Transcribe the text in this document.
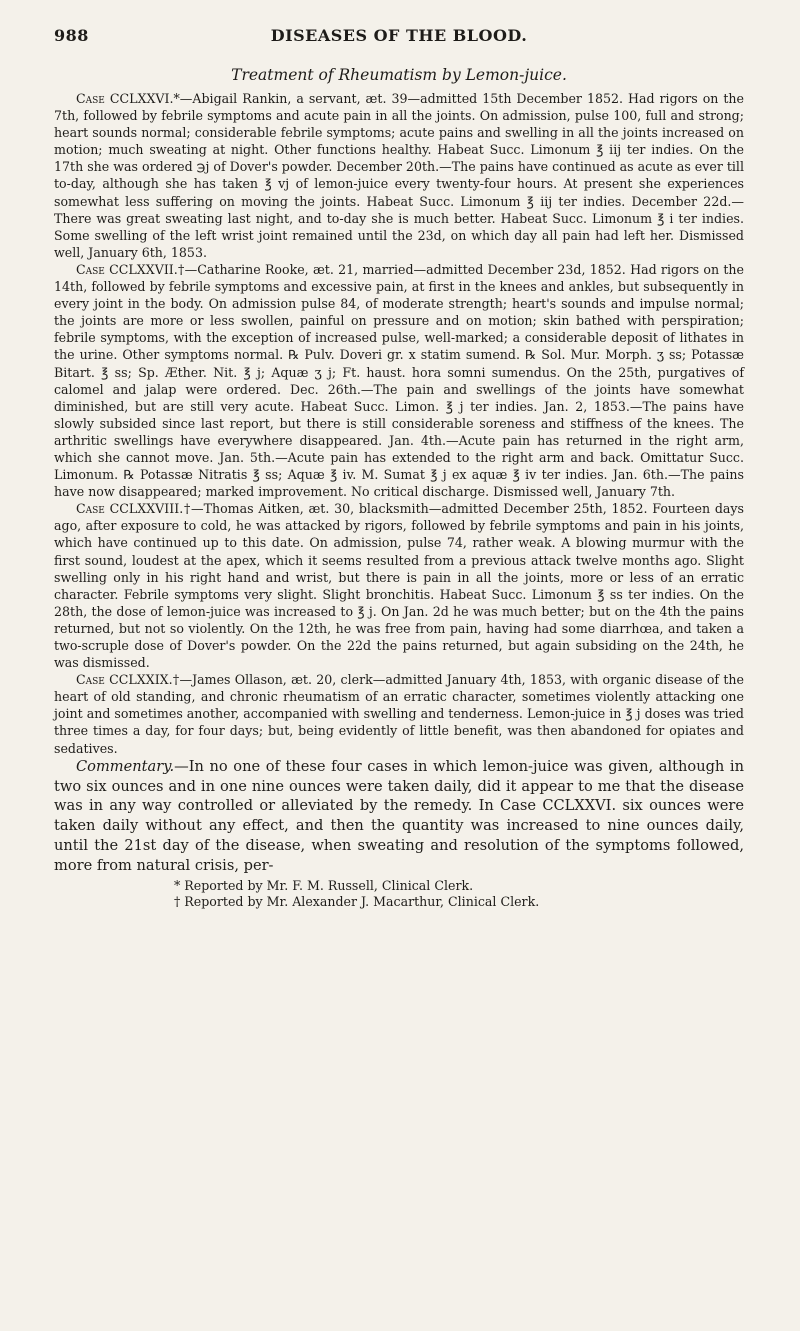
988	DISEASES OF THE BLOOD.
Treatment of Rheumatism by Lemon-juice.

Case CCLXXVI.*—Abigail Rankin, a servant, æt. 39—admitted 15th December 1852. Had rigors on the 7th, followed by febrile symptoms and acute pain in all the joints. On admission, pulse 100, full and strong; heart sounds normal; considerable febrile symptoms; acute pains and swelling in all the joints increased on motion; much sweating at night. Other functions healthy. Habeat Succ. Limonum ℥ iij ter indies. On the 17th she was ordered ℈j of Dover's powder. December 20th.—The pains have continued as acute as ever till to-day, although she has taken ℥ vj of lemon-juice every twenty-four hours. At present she experiences somewhat less suffering on moving the joints. Habeat Succ. Limonum ℥ iij ter indies. December 22d.—There was great sweating last night, and to-day she is much better. Habeat Succ. Limonum ℥ i ter indies. Some swelling of the left wrist joint remained until the 23d, on which day all pain had left her. Dismissed well, January 6th, 1853.

Case CCLXXVII.†—Catharine Rooke, æt. 21, married—admitted December 23d, 1852. Had rigors on the 14th, followed by febrile symptoms and excessive pain, at first in the knees and ankles, but subsequently in every joint in the body. On admission pulse 84, of moderate strength; heart's sounds and impulse normal; the joints are more or less swollen, painful on pressure and on motion; skin bathed with perspiration; febrile symptoms, with the exception of increased pulse, well-marked; a considerable deposit of lithates in the urine. Other symptoms normal. ℞ Pulv. Doveri gr. x statim sumend. ℞ Sol. Mur. Morph. ʒ ss; Potassæ Bitart. ℥ ss; Sp. Æther. Nit. ℥ j; Aquæ ʒ j; Ft. haust. hora somni sumendus. On the 25th, purgatives of calomel and jalap were ordered. Dec. 26th.—The pain and swellings of the joints have somewhat diminished, but are still very acute. Habeat Succ. Limon. ℥ j ter indies. Jan. 2, 1853.—The pains have slowly subsided since last report, but there is still considerable soreness and stiffness of the knees. The arthritic swellings have everywhere disappeared. Jan. 4th.—Acute pain has returned in the right arm, which she cannot move. Jan. 5th.—Acute pain has extended to the right arm and back. Omittatur Succ. Limonum. ℞ Potassæ Nitratis ℥ ss; Aquæ ℥ iv. M. Sumat ℥ j ex aquæ ℥ iv ter indies. Jan. 6th.—The pains have now disappeared; marked improvement. No critical discharge. Dismissed well, January 7th.

Case CCLXXVIII.†—Thomas Aitken, æt. 30, blacksmith—admitted December 25th, 1852. Fourteen days ago, after exposure to cold, he was attacked by rigors, followed by febrile symptoms and pain in his joints, which have continued up to this date. On admission, pulse 74, rather weak. A blowing murmur with the first sound, loudest at the apex, which it seems resulted from a previous attack twelve months ago. Slight swelling only in his right hand and wrist, but there is pain in all the joints, more or less of an erratic character. Febrile symptoms very slight. Slight bronchitis. Habeat Succ. Limonum ℥ ss ter indies. On the 28th, the dose of lemon-juice was increased to ℥ j. On Jan. 2d he was much better; but on the 4th the pains returned, but not so violently. On the 12th, he was free from pain, having had some diarrhœa, and taken a two-scruple dose of Dover's powder. On the 22d the pains returned, but again subsiding on the 24th, he was dismissed.

Case CCLXXIX.†—James Ollason, æt. 20, clerk—admitted January 4th, 1853, with organic disease of the heart of old standing, and chronic rheumatism of an erratic character, sometimes violently attacking one joint and sometimes another, accompanied with swelling and tenderness. Lemon-juice in ℥ j doses was tried three times a day, for four days; but, being evidently of little benefit, was then abandoned for opiates and sedatives.

Commentary.—In no one of these four cases in which lemon-juice was given, although in two six ounces and in one nine ounces were taken daily, did it appear to me that the disease was in any way controlled or alleviated by the remedy. In Case CCLXXVI. six ounces were taken daily without any effect, and then the quantity was increased to nine ounces daily, until the 21st day of the disease, when sweating and resolution of the symptoms followed, more from natural crisis, per-

* Reported by Mr. F. M. Russell, Clinical Clerk.

† Reported by Mr. Alexander J. Macarthur, Clinical Clerk.
